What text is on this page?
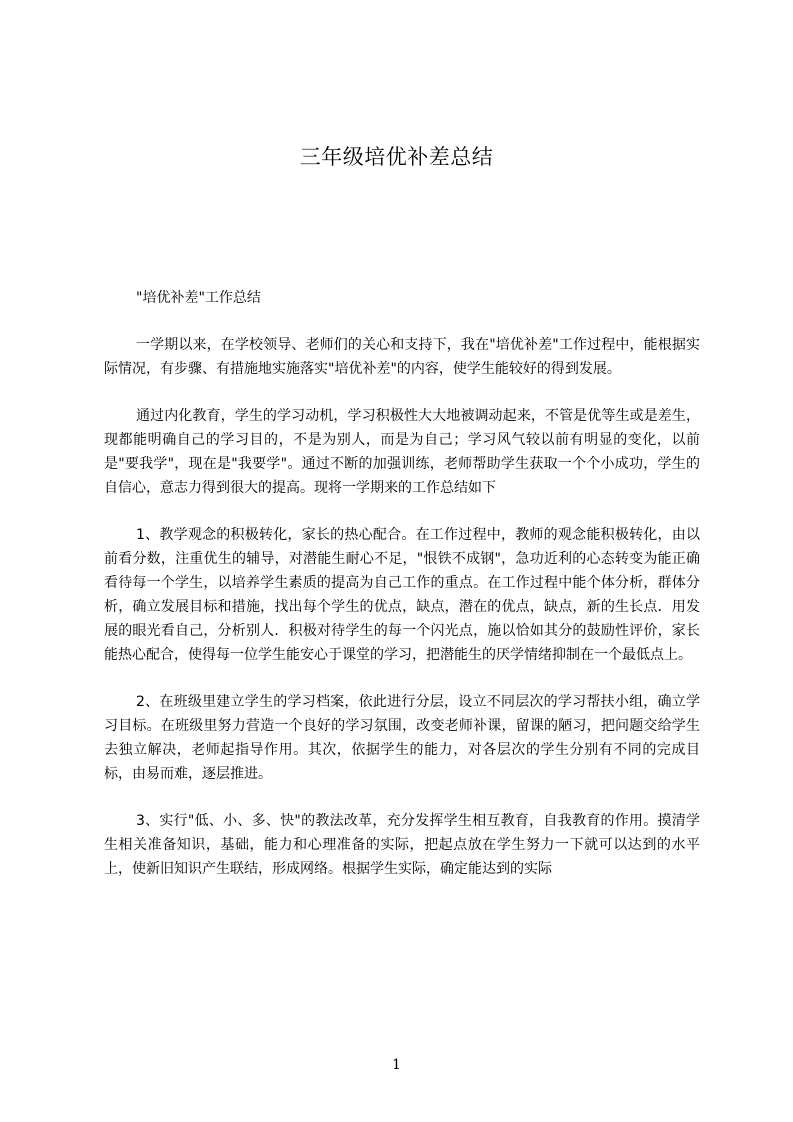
三年级培优补差总结

"培优补差"工作总结

一学期以来，在学校领导、老师们的关心和支持下，我在"培优补差"工作过程中，能根据实际情况，有步骤、有措施地实施落实"培优补差"的内容，使学生能较好的得到发展。

通过内化教育，学生的学习动机，学习积极性大大地被调动起来，不管是优等生或是差生，现都能明确自己的学习目的，不是为别人，而是为自己；学习风气较以前有明显的变化，以前是"要我学"，现在是"我要学"。通过不断的加强训练，老师帮助学生获取一个个小成功，学生的自信心，意志力得到很大的提高。现将一学期来的工作总结如下

1、教学观念的积极转化，家长的热心配合。在工作过程中，教师的观念能积极转化，由以前看分数，注重优生的辅导，对潜能生耐心不足，"恨铁不成钢"，急功近利的心态转变为能正确看待每一个学生，以培养学生素质的提高为自己工作的重点。在工作过程中能个体分析，群体分析，确立发展目标和措施，找出每个学生的优点，缺点，潜在的优点，缺点，新的生长点．用发展的眼光看自己，分析别人．积极对待学生的每一个闪光点，施以恰如其分的鼓励性评价，家长能热心配合，使得每一位学生能安心于课堂的学习，把潜能生的厌学情绪抑制在一个最低点上。

2、在班级里建立学生的学习档案，依此进行分层，设立不同层次的学习帮扶小组，确立学习目标。在班级里努力营造一个良好的学习氛围，改变老师补课，留课的陋习，把问题交给学生去独立解决，老师起指导作用。其次，依据学生的能力，对各层次的学生分别有不同的完成目标，由易而难，逐层推进。

3、实行"低、小、多、快"的教法改革，充分发挥学生相互教育，自我教育的作用。摸清学生相关准备知识，基础，能力和心理准备的实际，把起点放在学生努力一下就可以达到的水平上，使新旧知识产生联结，形成网络。根据学生实际，确定能达到的实际

1
